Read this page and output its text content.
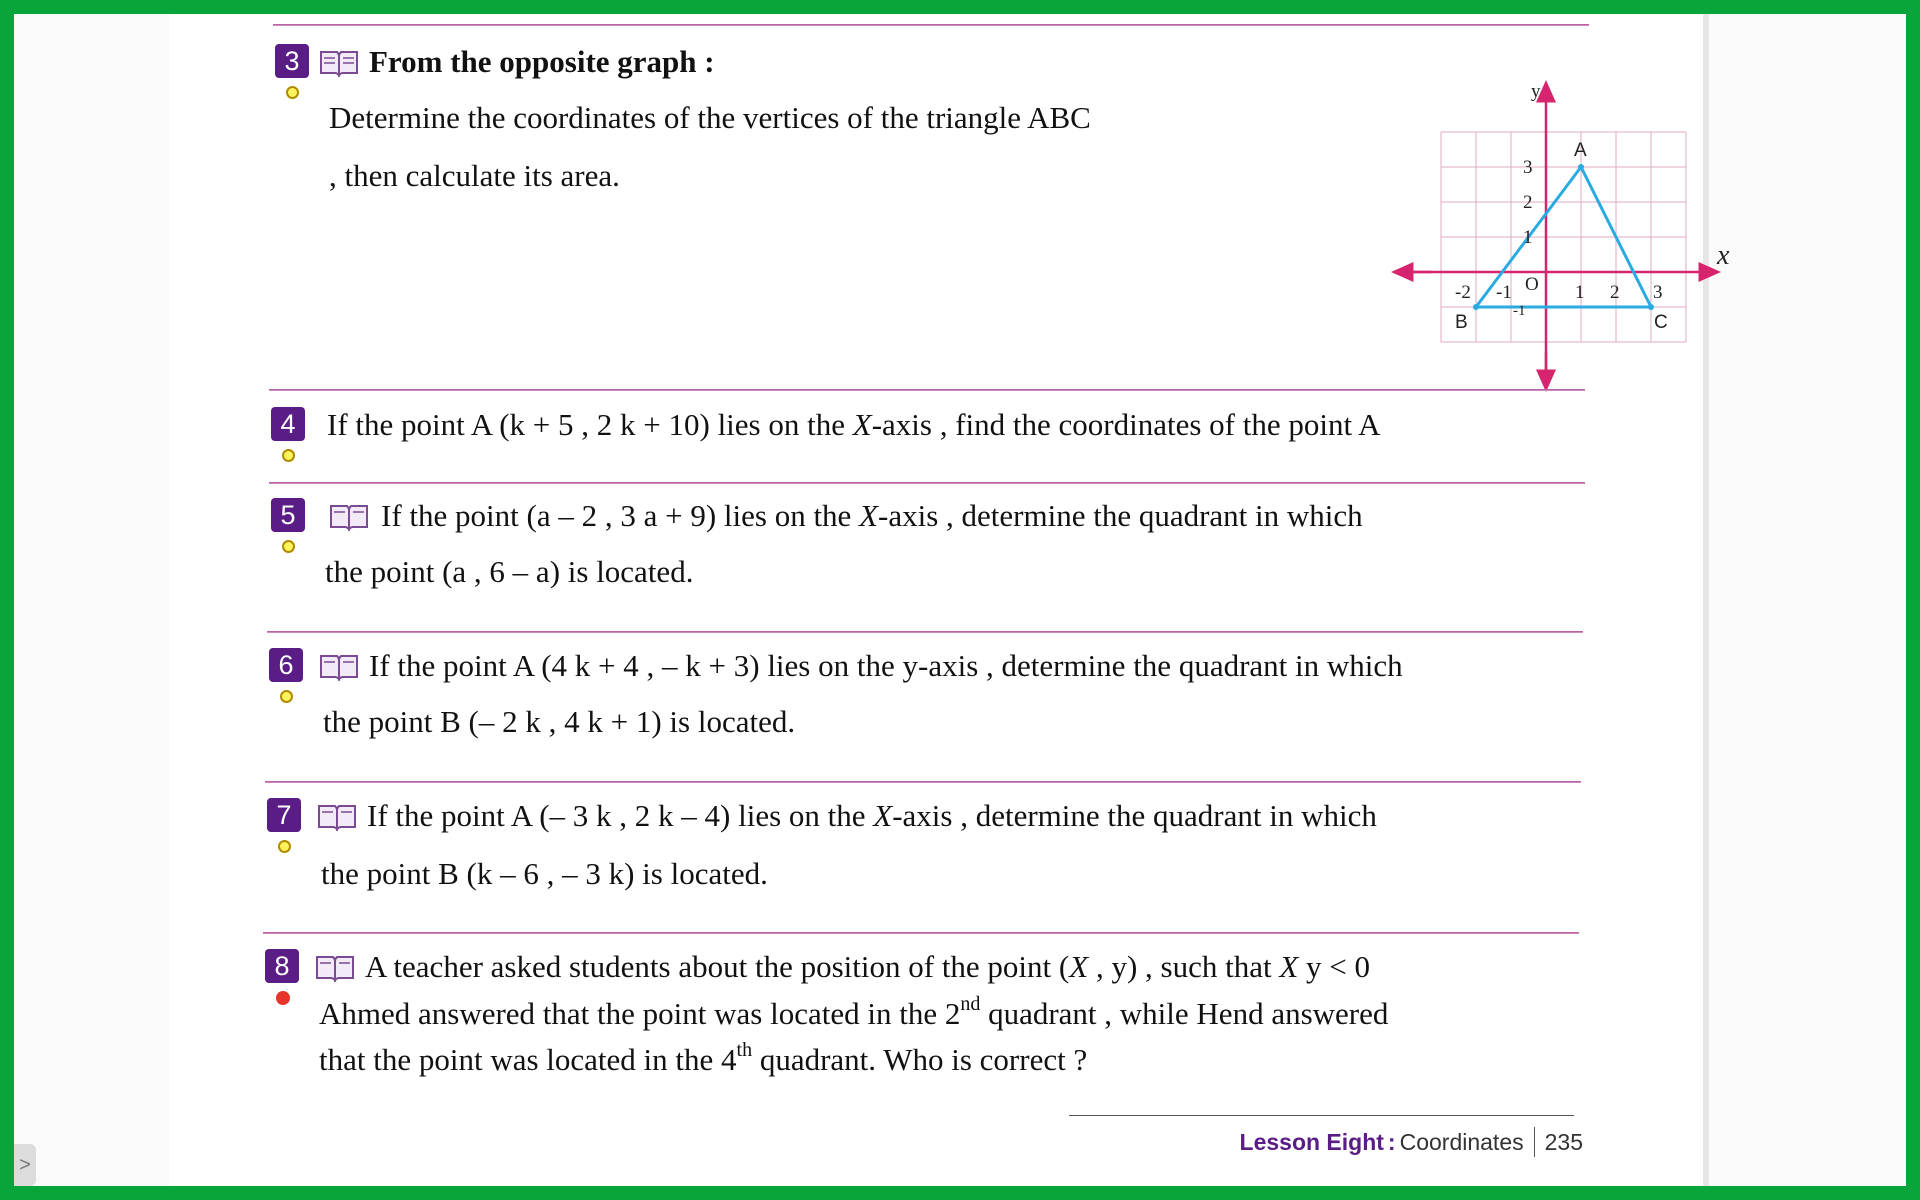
3	From the opposite graph :
Determine the coordinates of the vertices of the triangle ABC
, then calculate its area.
y
x
O
-2 -1	1 2 3
3
2
1
-1
A
B	C
4	If the point A (k + 5 , 2 k + 10) lies on the X-axis , find the coordinates of the point A
5	If the point (a – 2 , 3 a + 9) lies on the X-axis , determine the quadrant in which
the point (a , 6 – a) is located.
6	If the point A (4 k + 4 , – k + 3) lies on the y-axis , determine the quadrant in which
the point B (– 2 k , 4 k + 1) is located.
7	If the point A (– 3 k , 2 k – 4) lies on the X-axis , determine the quadrant in which
the point B (k – 6 , – 3 k) is located.
8	A teacher asked students about the position of the point (X , y) , such that X y < 0
Ahmed answered that the point was located in the 2nd quadrant , while Hend answered
that the point was located in the 4th quadrant. Who is correct ?
Lesson Eight : Coordinates 235
>
